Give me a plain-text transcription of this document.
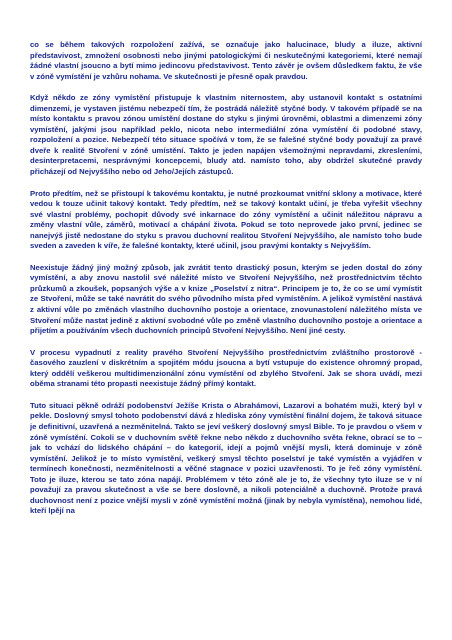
co se během takových rozpoložení zažívá, se označuje jako halucinace, bludy a iluze, aktivní představivost, zmnožení osobnosti nebo jinými patologickými či neskutečnými kategoriemi, které nemají žádné vlastní jsoucno a bytí mimo jedincovu představivost. Tento závěr je ovšem důsledkem faktu, že vše v zóně vymístění je vzhůru nohama. Ve skutečnosti je přesně opak pravdou.

Když někdo ze zóny vymístění přistupuje k vlastním niternostem, aby ustanovil kontakt s ostatními dimenzemi, je vystaven jistému nebezpečí tím, že postrádá náležitě styčné body. V takovém případě se na místo kontaktu s pravou zónou umístění dostane do styku s jinými úrovněmi, oblastmi a dimenzemi zóny vymístění, jakými jsou například peklo, nicota nebo intermediální zóna vymístění či podobné stavy, rozpoložení a pozice. Nebezpečí této situace spočívá v tom, že se falešné styčné body považují za pravé dveře k realitě Stvoření v zóně umístění. Takto je jeden napájen všemožnými nepravdami, zkresleními, desinterpretacemi, nesprávnými koncepcemi, bludy atd. namísto toho, aby obdržel skutečné pravdy přicházejí od Nejvyššího nebo od Jeho/Jejích zástupců.

Proto předtím, než se přistoupí k takovému kontaktu, je nutné prozkoumat vnitřní sklony a motivace, které vedou k touze učinit takový kontakt. Tedy předtím, než se takový kontakt učiní, je třeba vyřešit všechny své vlastní problémy, pochopit důvody své inkarnace do zóny vymístění a učinit náležitou nápravu a změny vlastní vůle, záměrů, motivací a chápání života. Pokud se toto neprovede jako první, jedinec se nanejvýš jistě nedostane do styku s pravou duchovní realitou Stvoření Nejvyššího, ale namísto toho bude sveden a zaveden k víře, že falešné kontakty, které učinil, jsou pravými kontakty s Nejvyšším.

Neexistuje žádný jiný možný způsob, jak zvrátit tento drastický posun, kterým se jeden dostal do zóny vymístění, a aby znovu nastolil své náležité místo ve Stvoření Nejvyššího, než prostřednictvím těchto průzkumů a zkoušek, popsaných výše a v knize „Poselství z nitra“. Principem je to, že co se umí vymístit ze Stvoření, může se také navrátit do svého původního místa před vymístěním. A jelikož vymístění nastává z aktivní vůle po změnách vlastního duchovního postoje a orientace, znovunastolení náležitého místa ve Stvoření může nastat jedině z aktivní svobodné vůle po změně vlastního duchovního postoje a orientace a přijetím a používáním všech duchovních principů Stvoření Nejvyššího. Není jiné cesty.

V procesu vypadnutí z reality pravého Stvoření Nejvyššího prostřednictvím zvláštního prostorově - časového zauzlení v diskrétním a spojitém módu jsoucna a bytí vstupuje do existence ohromný propad, který oddělí veškerou multidimenzionální zónu vymístění od zbylého Stvoření. Jak se shora uvádí, mezi oběma stranami této propasti neexistuje žádný přímý kontakt.

Tuto situaci pěkně odráží podobenství Ježíše Krista o Abrahámovi, Lazarovi a bohatém muži, který byl v pekle. Doslovný smysl tohoto podobenství dává z hlediska zóny vymístění finální dojem, že taková situace je definitivní, uzavřená a nezměnitelná. Takto se jeví veškerý doslovný smysl Bible. To je pravdou o všem v zóně vymístění. Cokoli se v duchovním světě řekne nebo někdo z duchovního světa řekne, obrací se to – jak to vchází do lidského chápání – do kategorií, idejí a pojmů vnější mysli, která dominuje v zóně vymístění. Jelikož je to místo vymístění, veškerý smysl těchto poselství je také vymístěn a vyjádřen v termínech konečnosti, nezměnitelnosti a věčné stagnace v pozici uzavřenosti. To je řeč zóny vymístění. Toto je iluze, kterou se tato zóna napájí. Problémem v této zóně ale je to, že všechny tyto iluze se v ní považují za pravou skutečnost a vše se bere doslovně, a nikoli potenciálně a duchovně. Protože pravá duchovnost není z pozice vnější mysli v zóně vymístění možná (jinak by nebyla vymístěna), nemohou lidé, kteří lpějí na
